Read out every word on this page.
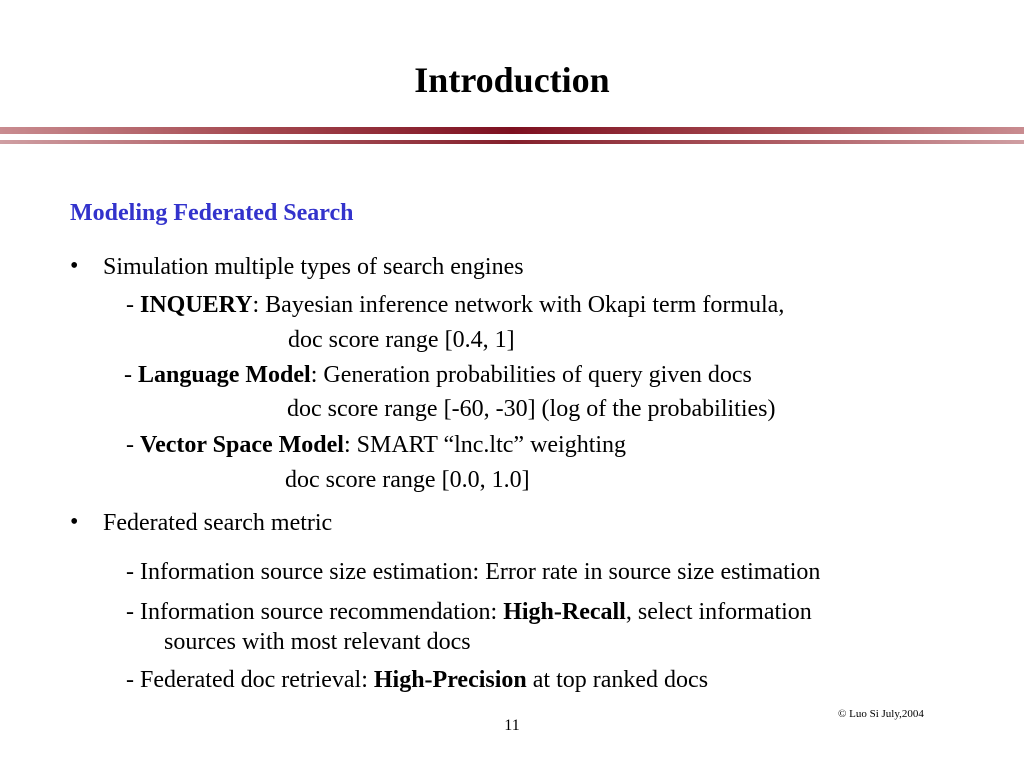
Introduction
Modeling Federated Search
• Simulation multiple types of search engines
- INQUERY: Bayesian inference network with Okapi term formula,
doc score range [0.4, 1]
- Language Model: Generation probabilities of query given docs
doc score range [-60, -30] (log of the probabilities)
- Vector Space Model: SMART “lnc.ltc” weighting
doc score range [0.0, 1.0]
• Federated search metric
- Information source size estimation: Error rate in source size estimation
- Information source recommendation: High-Recall, select information
sources with most relevant docs
- Federated doc retrieval: High-Precision at top ranked docs
© Luo Si July,2004
11
